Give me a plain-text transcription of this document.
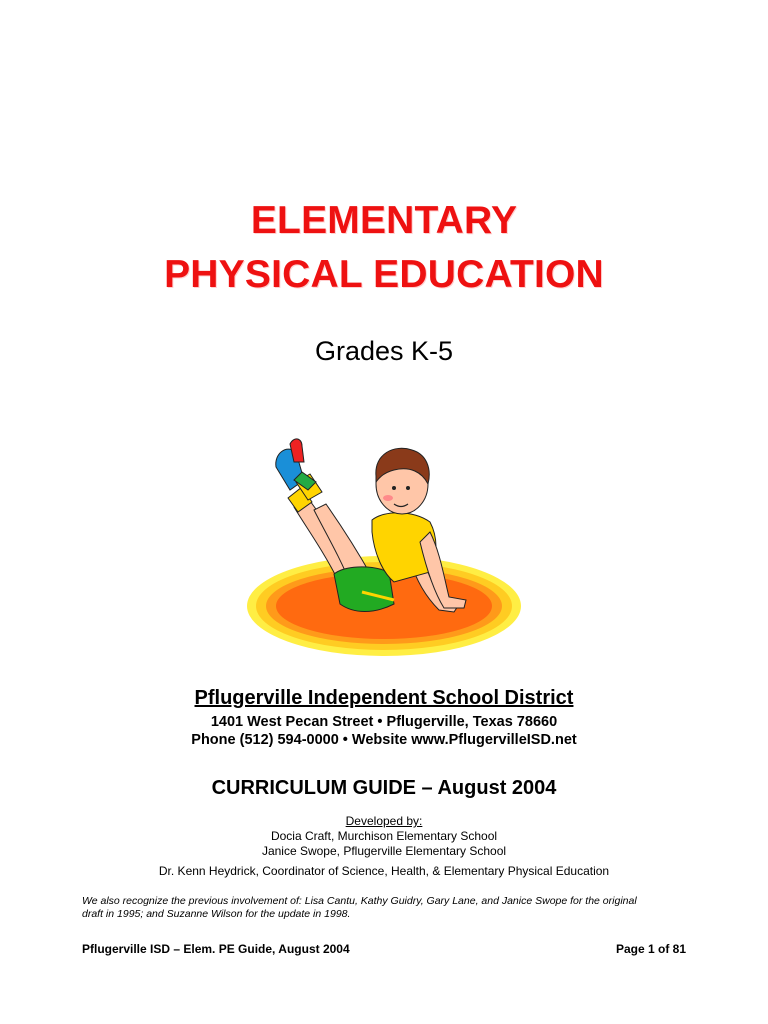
ELEMENTARY
PHYSICAL EDUCATION
Grades K-5
Pflugerville Independent School District
1401 West Pecan Street • Pflugerville, Texas 78660
Phone (512) 594-0000 • Website www.PflugervilleISD.net
CURRICULUM GUIDE – August 2004
Developed by:
Docia Craft, Murchison Elementary School
Janice Swope, Pflugerville Elementary School
Dr. Kenn Heydrick, Coordinator of Science, Health, & Elementary Physical Education
We also recognize the previous involvement of: Lisa Cantu, Kathy Guidry, Gary Lane, and Janice Swope for the original
draft in 1995; and Suzanne Wilson for the update in 1998.
Pflugerville ISD – Elem. PE Guide, August 2004	Page 1 of 81
